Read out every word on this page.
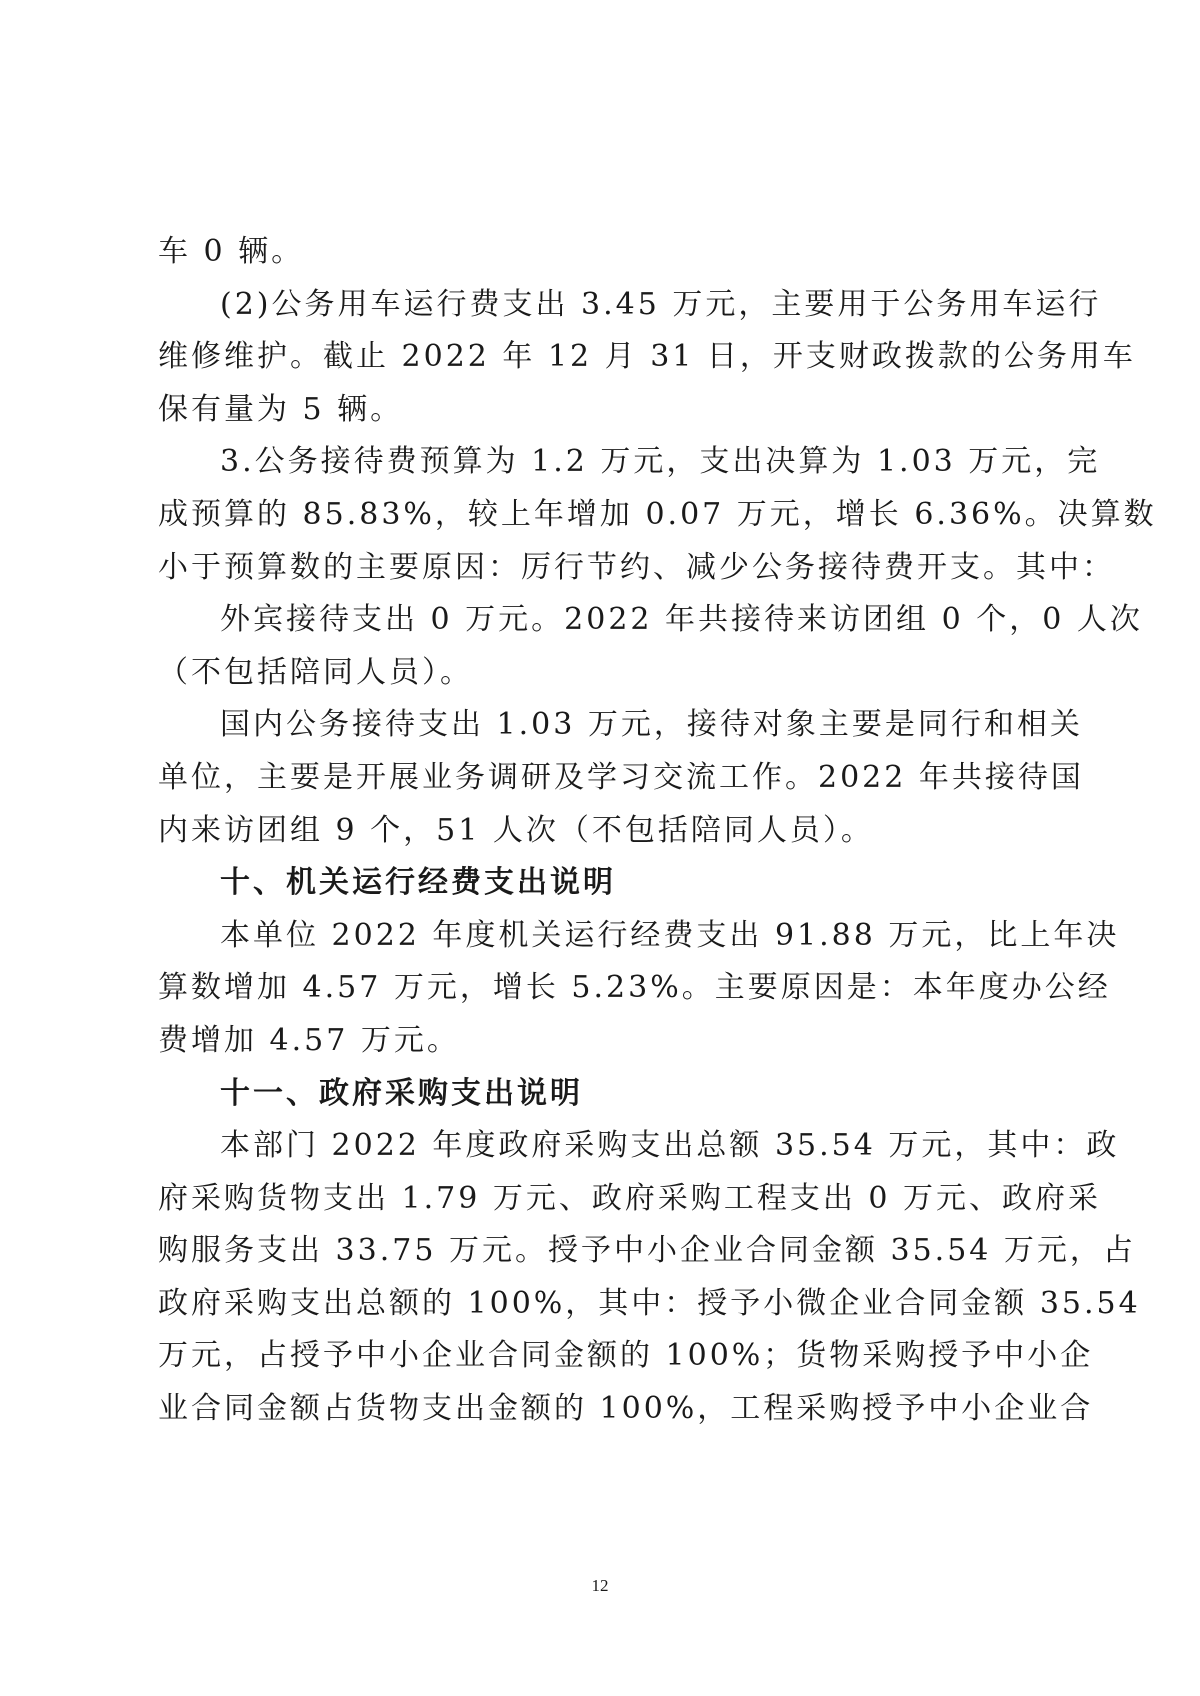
车 0 辆。
(2)公务用车运行费支出 3.45 万元，主要用于公务用车运行
维修维护。截止 2022 年 12 月 31 日，开支财政拨款的公务用车
保有量为 5 辆。
3.公务接待费预算为 1.2 万元，支出决算为 1.03 万元，完
成预算的 85.83%，较上年增加 0.07 万元，增长 6.36%。决算数
小于预算数的主要原因：厉行节约、减少公务接待费开支。其中：
外宾接待支出 0 万元。2022 年共接待来访团组 0 个，0 人次
（不包括陪同人员）。
国内公务接待支出 1.03 万元，接待对象主要是同行和相关
单位，主要是开展业务调研及学习交流工作。2022 年共接待国
内来访团组 9 个，51 人次（不包括陪同人员）。
十、机关运行经费支出说明
本单位 2022 年度机关运行经费支出 91.88 万元，比上年决
算数增加 4.57 万元，增长 5.23%。主要原因是：本年度办公经
费增加 4.57 万元。
十一、政府采购支出说明
本部门 2022 年度政府采购支出总额 35.54 万元，其中：政
府采购货物支出 1.79 万元、政府采购工程支出 0 万元、政府采
购服务支出 33.75 万元。授予中小企业合同金额 35.54 万元，占
政府采购支出总额的 100%，其中：授予小微企业合同金额 35.54
万元，占授予中小企业合同金额的 100%；货物采购授予中小企
业合同金额占货物支出金额的 100%，工程采购授予中小企业合
12
